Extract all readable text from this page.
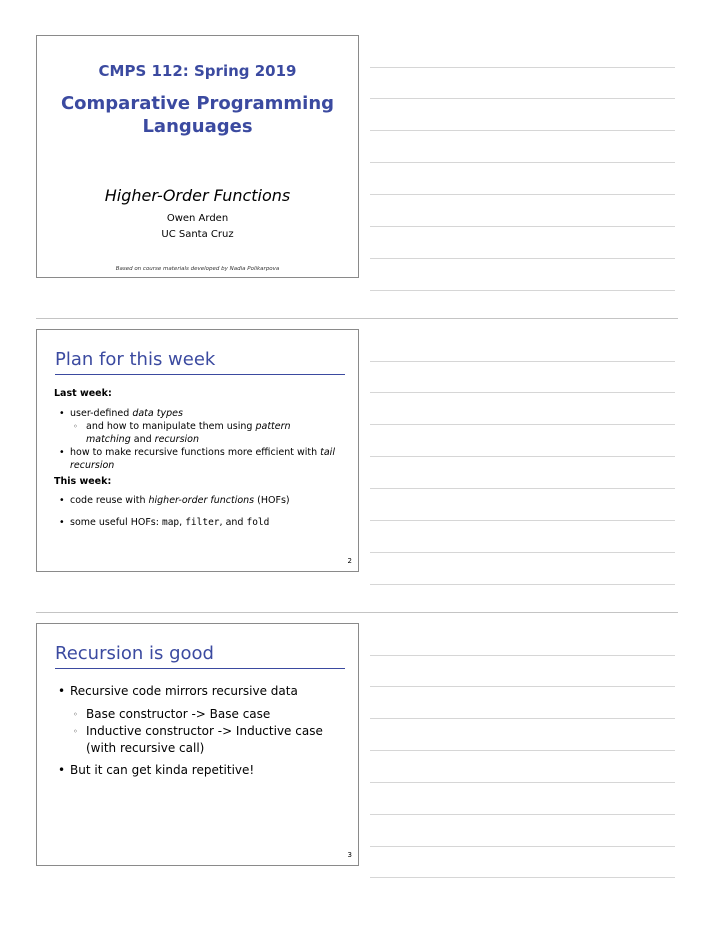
CMPS 112: Spring 2019
Comparative Programming
Languages
Higher-Order Functions
Owen Arden
UC Santa Cruz
Based on course materials developed by Nadia Polikarpova
Plan for this week
Last week:
• user-defined data types
◦ and how to manipulate them using pattern matching and recursion
• how to make recursive functions more efficient with tail recursion
This week:
• code reuse with higher-order functions (HOFs)
• some useful HOFs: map, filter, and fold
2
Recursion is good
• Recursive code mirrors recursive data
◦ Base constructor -> Base case
◦ Inductive constructor -> Inductive case (with recursive call)
• But it can get kinda repetitive!
3
